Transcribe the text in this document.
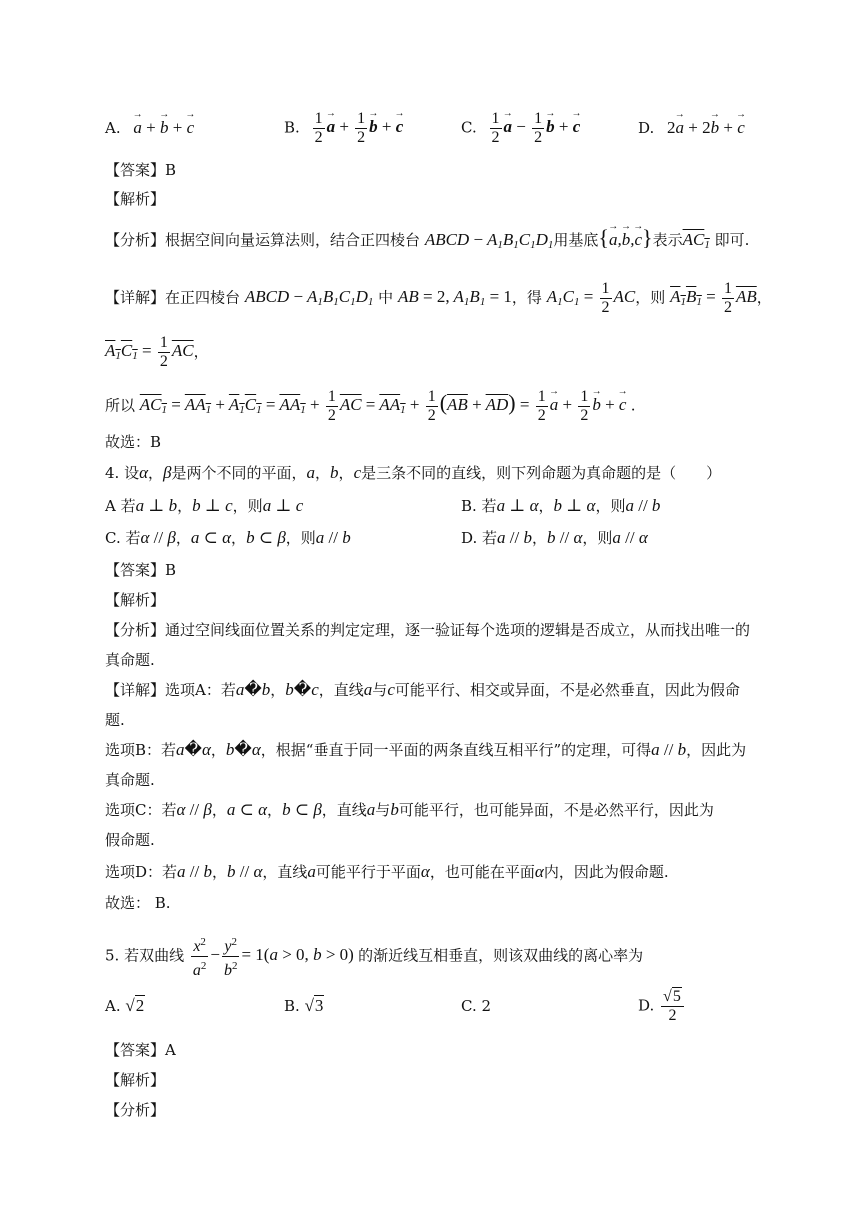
A. → a + → b + → c	B. $\frac{1}{2} \to a + \frac{1}{2} \to b$ + → c	C. $\frac{1}{2} \to a - \frac{1}{2} \to b$ + → c	D. 2→ a + 2→ b + → c
【答案】B
【解析】
【分析】根据空间向量运算法则，结合正四棱台 ABCD − $A_1B_1C_1D_1$用基底{→ a,→ b,→ c}表示$AC_1$ 即可.
【详解】在正四棱台 ABCD − $A_1B_1C_1D_1$ 中 AB = 2, $A_1B_1 = 1$，得 $A_1C_1 = \frac{1}{2}$ AC，则 $A_1B_1 = \frac{1}{2} \overline{AB}$，
$A_1C_1 = \frac{1}{2} \overline{AC}$，
所以 $AC_1 = AA_1 + A_1C_1 = AA_1 + \frac{1}{2} \overline{AC} = AA_1 + \frac{1}{2} (\overline{AB} + \overline{AD}) = \frac{1}{2} \to a + \frac{1}{2} \to b$ + → c .
故选：B
4. 设α，β是两个不同的平面，a，b，c是三条不同的直线，则下列命题为真命题的是（　　）
A 若a ⊥ b，b ⊥ c，则a ⊥ c	B. 若a ⊥ α，b ⊥ α，则a // b
C. 若α // β，a ⊂ α，b ⊂ β，则a // b	D. 若a // b，b // α，则a // α
【答案】B
【解析】
【分析】通过空间线面位置关系的判定定理，逐一验证每个选项的逻辑是否成立，从而找出唯一的
真命题.
【详解】选项A：若a�b，b�c，直线a与c可能平行、相交或异面，不是必然垂直，因此为假命
题.
选项B：若a�α，b�α，根据“垂直于同一平面的两条直线互相平行”的定理，可得a // b，因此为
真命题.
选项C：若α // β，a ⊂ α，b ⊂ β，直线a与b可能平行，也可能异面，不是必然平行，因此为
假命题.
选项D：若a // b，b // α，直线a可能平行于平面α，也可能在平面α内，因此为假命题.
故选： B.
5. 若双曲线 $\frac{x^2}{a^2} - \frac{y^2}{b^2} = 1(a > 0$, b > 0) 的渐近线互相垂直，则该双曲线的离心率为
A. √2	B. √3	C. 2	D. $\frac{√5}{2}$
【答案】A
【解析】
【分析】
